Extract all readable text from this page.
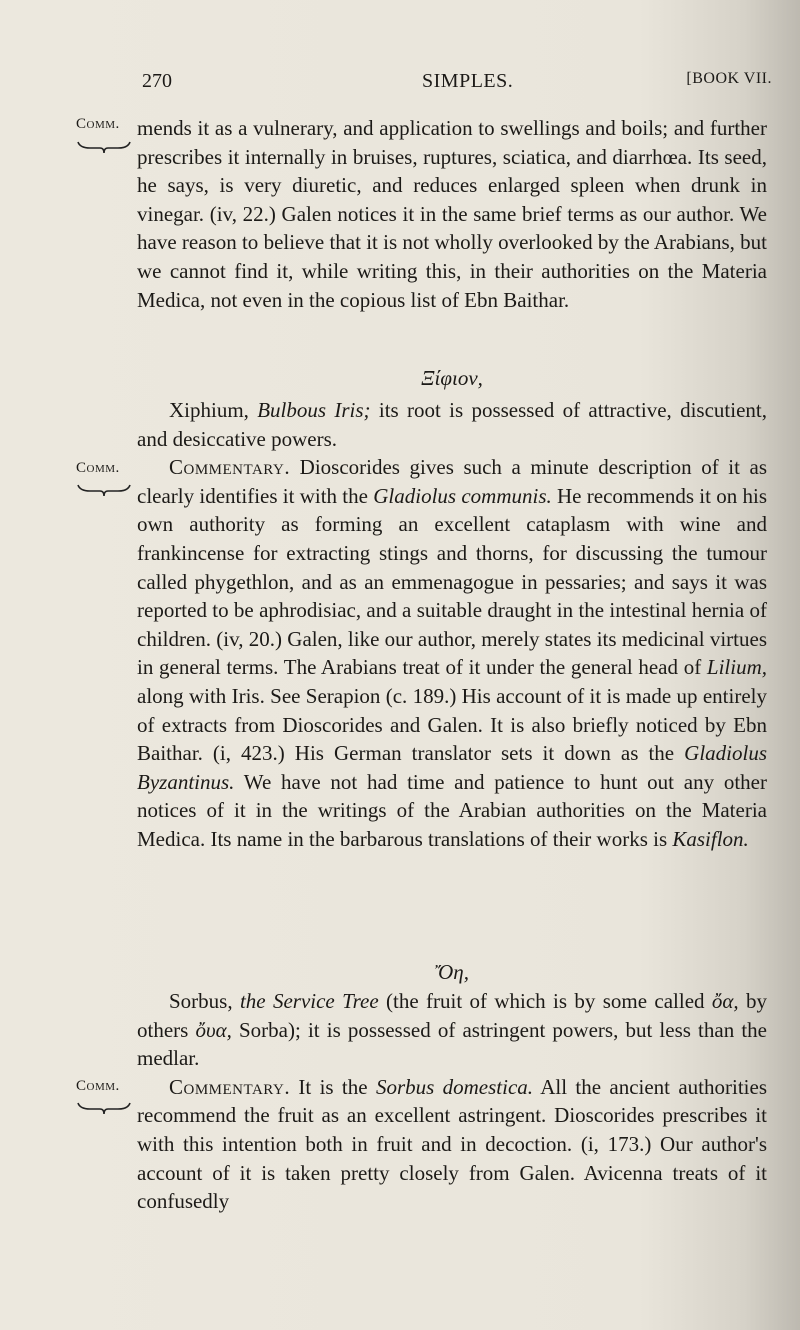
270	SIMPLES.	[BOOK VII.
Comm.
Comm.
Comm.

mends it as a vulnerary, and application to swellings and boils; and further prescribes it internally in bruises, ruptures, sciatica, and diarrhœa. Its seed, he says, is very diuretic, and reduces enlarged spleen when drunk in vinegar. (iv, 22.) Galen notices it in the same brief terms as our author. We have reason to believe that it is not wholly overlooked by the Arabians, but we cannot find it, while writing this, in their authorities on the Materia Medica, not even in the copious list of Ebn Baithar.

Ξίφιον,

Xiphium, Bulbous Iris; its root is possessed of attractive, discutient, and desiccative powers.

Commentary. Dioscorides gives such a minute description of it as clearly identifies it with the Gladiolus communis. He recommends it on his own authority as forming an excellent cataplasm with wine and frankincense for extracting stings and thorns, for discussing the tumour called phygethlon, and as an emmenagogue in pessaries; and says it was reported to be aphrodisiac, and a suitable draught in the intestinal hernia of children. (iv, 20.) Galen, like our author, merely states its medicinal virtues in general terms. The Arabians treat of it under the general head of Lilium, along with Iris. See Serapion (c. 189.) His account of it is made up entirely of extracts from Dioscorides and Galen. It is also briefly noticed by Ebn Baithar. (i, 423.) His German translator sets it down as the Gladiolus Byzantinus. We have not had time and patience to hunt out any other notices of it in the writings of the Arabian authorities on the Materia Medica. Its name in the barbarous translations of their works is Kasiflon.

Ὄη,

Sorbus, the Service Tree (the fruit of which is by some called ὄα, by others ὄυα, Sorba); it is possessed of astringent powers, but less than the medlar.

Commentary. It is the Sorbus domestica. All the ancient authorities recommend the fruit as an excellent astringent. Dioscorides prescribes it with this intention both in fruit and in decoction. (i, 173.) Our author's account of it is taken pretty closely from Galen. Avicenna treats of it confusedly
